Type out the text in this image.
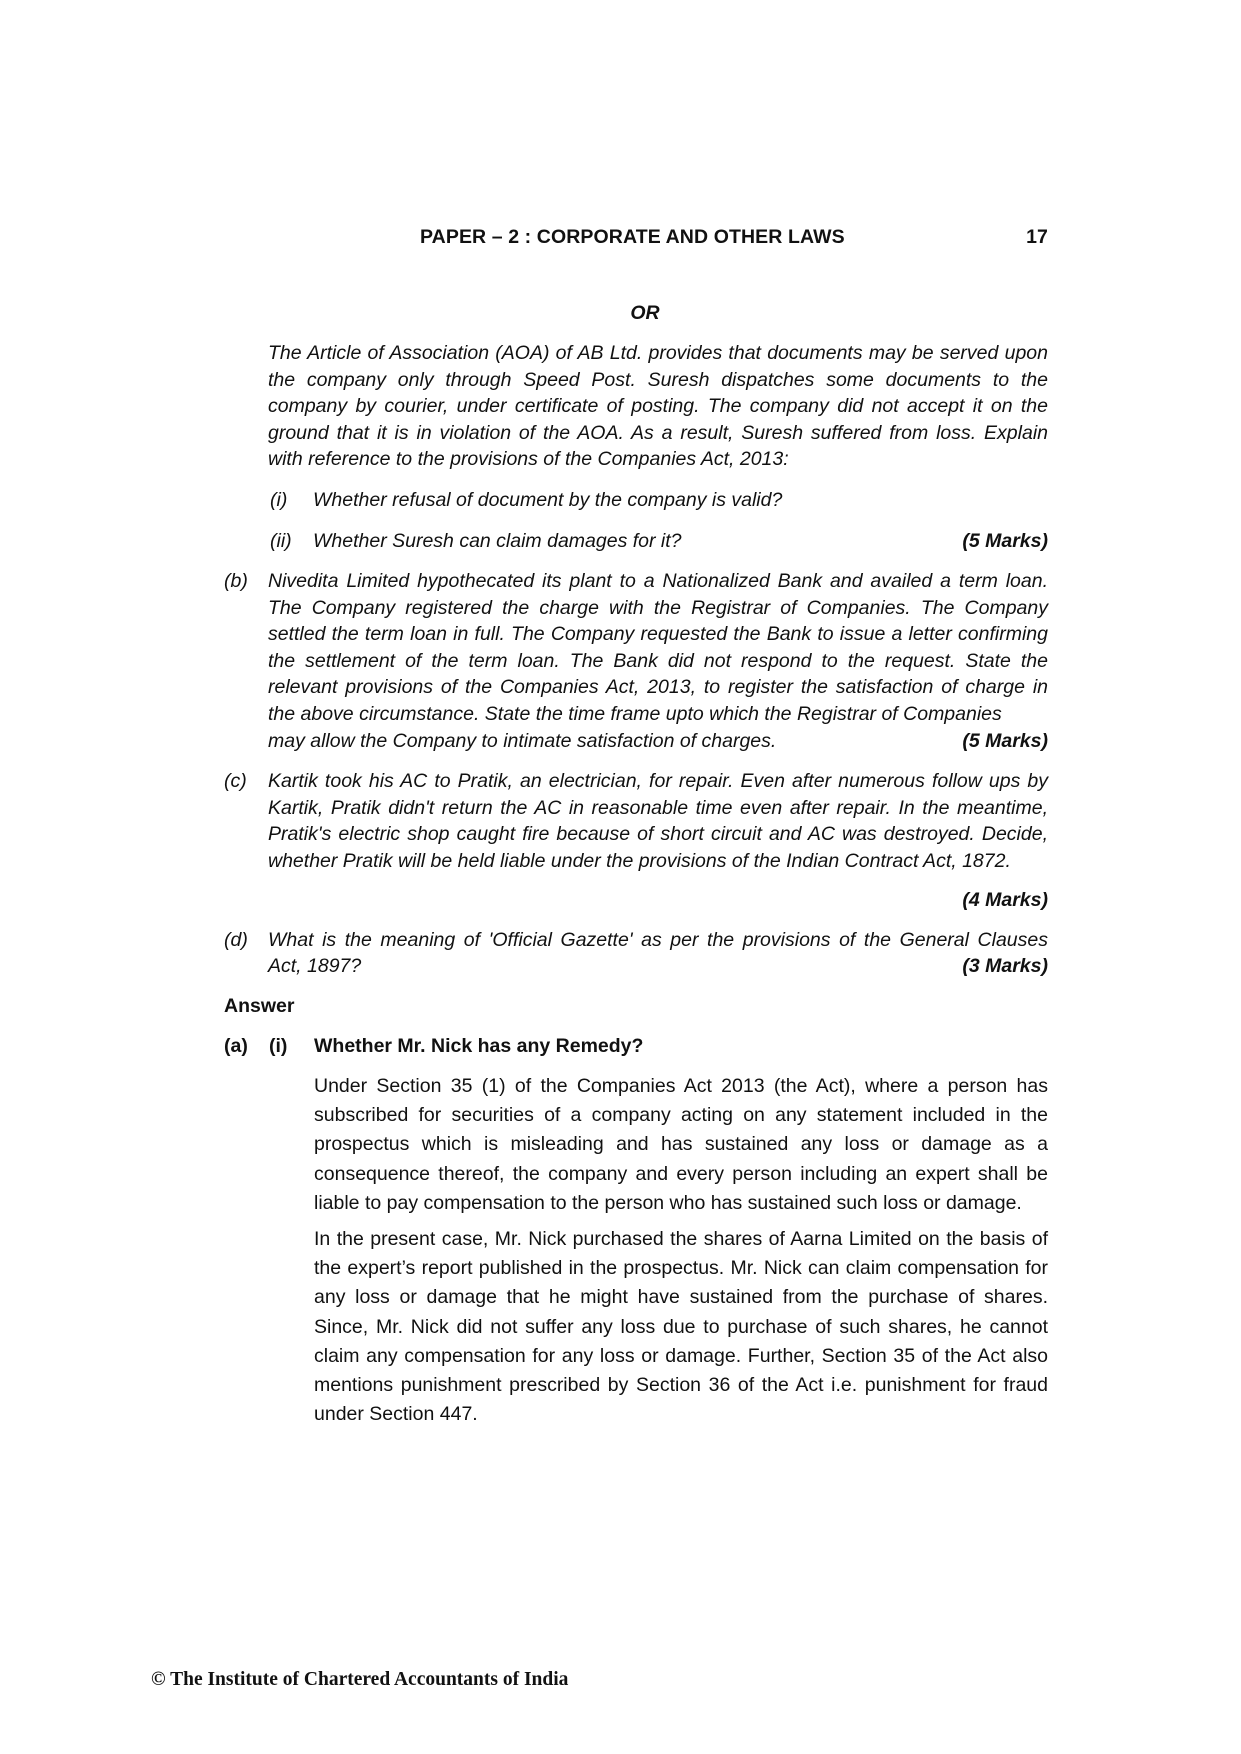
PAPER – 2 : CORPORATE AND OTHER LAWS	17
OR
The Article of Association (AOA) of AB Ltd. provides that documents may be served upon the company only through Speed Post. Suresh dispatches some documents to the company by courier, under certificate of posting. The company did not accept it on the ground that it is in violation of the AOA. As a result, Suresh suffered from loss. Explain with reference to the provisions of the Companies Act, 2013:
(i) Whether refusal of document by the company is valid?
(ii) Whether Suresh can claim damages for it?	(5 Marks)
(b) Nivedita Limited hypothecated its plant to a Nationalized Bank and availed a term loan. The Company registered the charge with the Registrar of Companies. The Company settled the term loan in full. The Company requested the Bank to issue a letter confirming the settlement of the term loan. The Bank did not respond to the request. State the relevant provisions of the Companies Act, 2013, to register the satisfaction of charge in the above circumstance. State the time frame upto which the Registrar of Companies
may allow the Company to intimate satisfaction of charges.	(5 Marks)
(c) Kartik took his AC to Pratik, an electrician, for repair. Even after numerous follow ups by Kartik, Pratik didn't return the AC in reasonable time even after repair. In the meantime, Pratik's electric shop caught fire because of short circuit and AC was destroyed. Decide, whether Pratik will be held liable under the provisions of the Indian Contract Act, 1872.
(4 Marks)
(d) What is the meaning of 'Official Gazette' as per the provisions of the General Clauses
Act, 1897?	(3 Marks)
Answer
(a) (i) Whether Mr. Nick has any Remedy?
Under Section 35 (1) of the Companies Act 2013 (the Act), where a person has subscribed for securities of a company acting on any statement included in the prospectus which is misleading and has sustained any loss or damage as a consequence thereof, the company and every person including an expert shall be liable to pay compensation to the person who has sustained such loss or damage.
In the present case, Mr. Nick purchased the shares of Aarna Limited on the basis of the expert’s report published in the prospectus. Mr. Nick can claim compensation for any loss or damage that he might have sustained from the purchase of shares. Since, Mr. Nick did not suffer any loss due to purchase of such shares, he cannot claim any compensation for any loss or damage. Further, Section 35 of the Act also mentions punishment prescribed by Section 36 of the Act i.e. punishment for fraud under Section 447.
© The Institute of Chartered Accountants of India
